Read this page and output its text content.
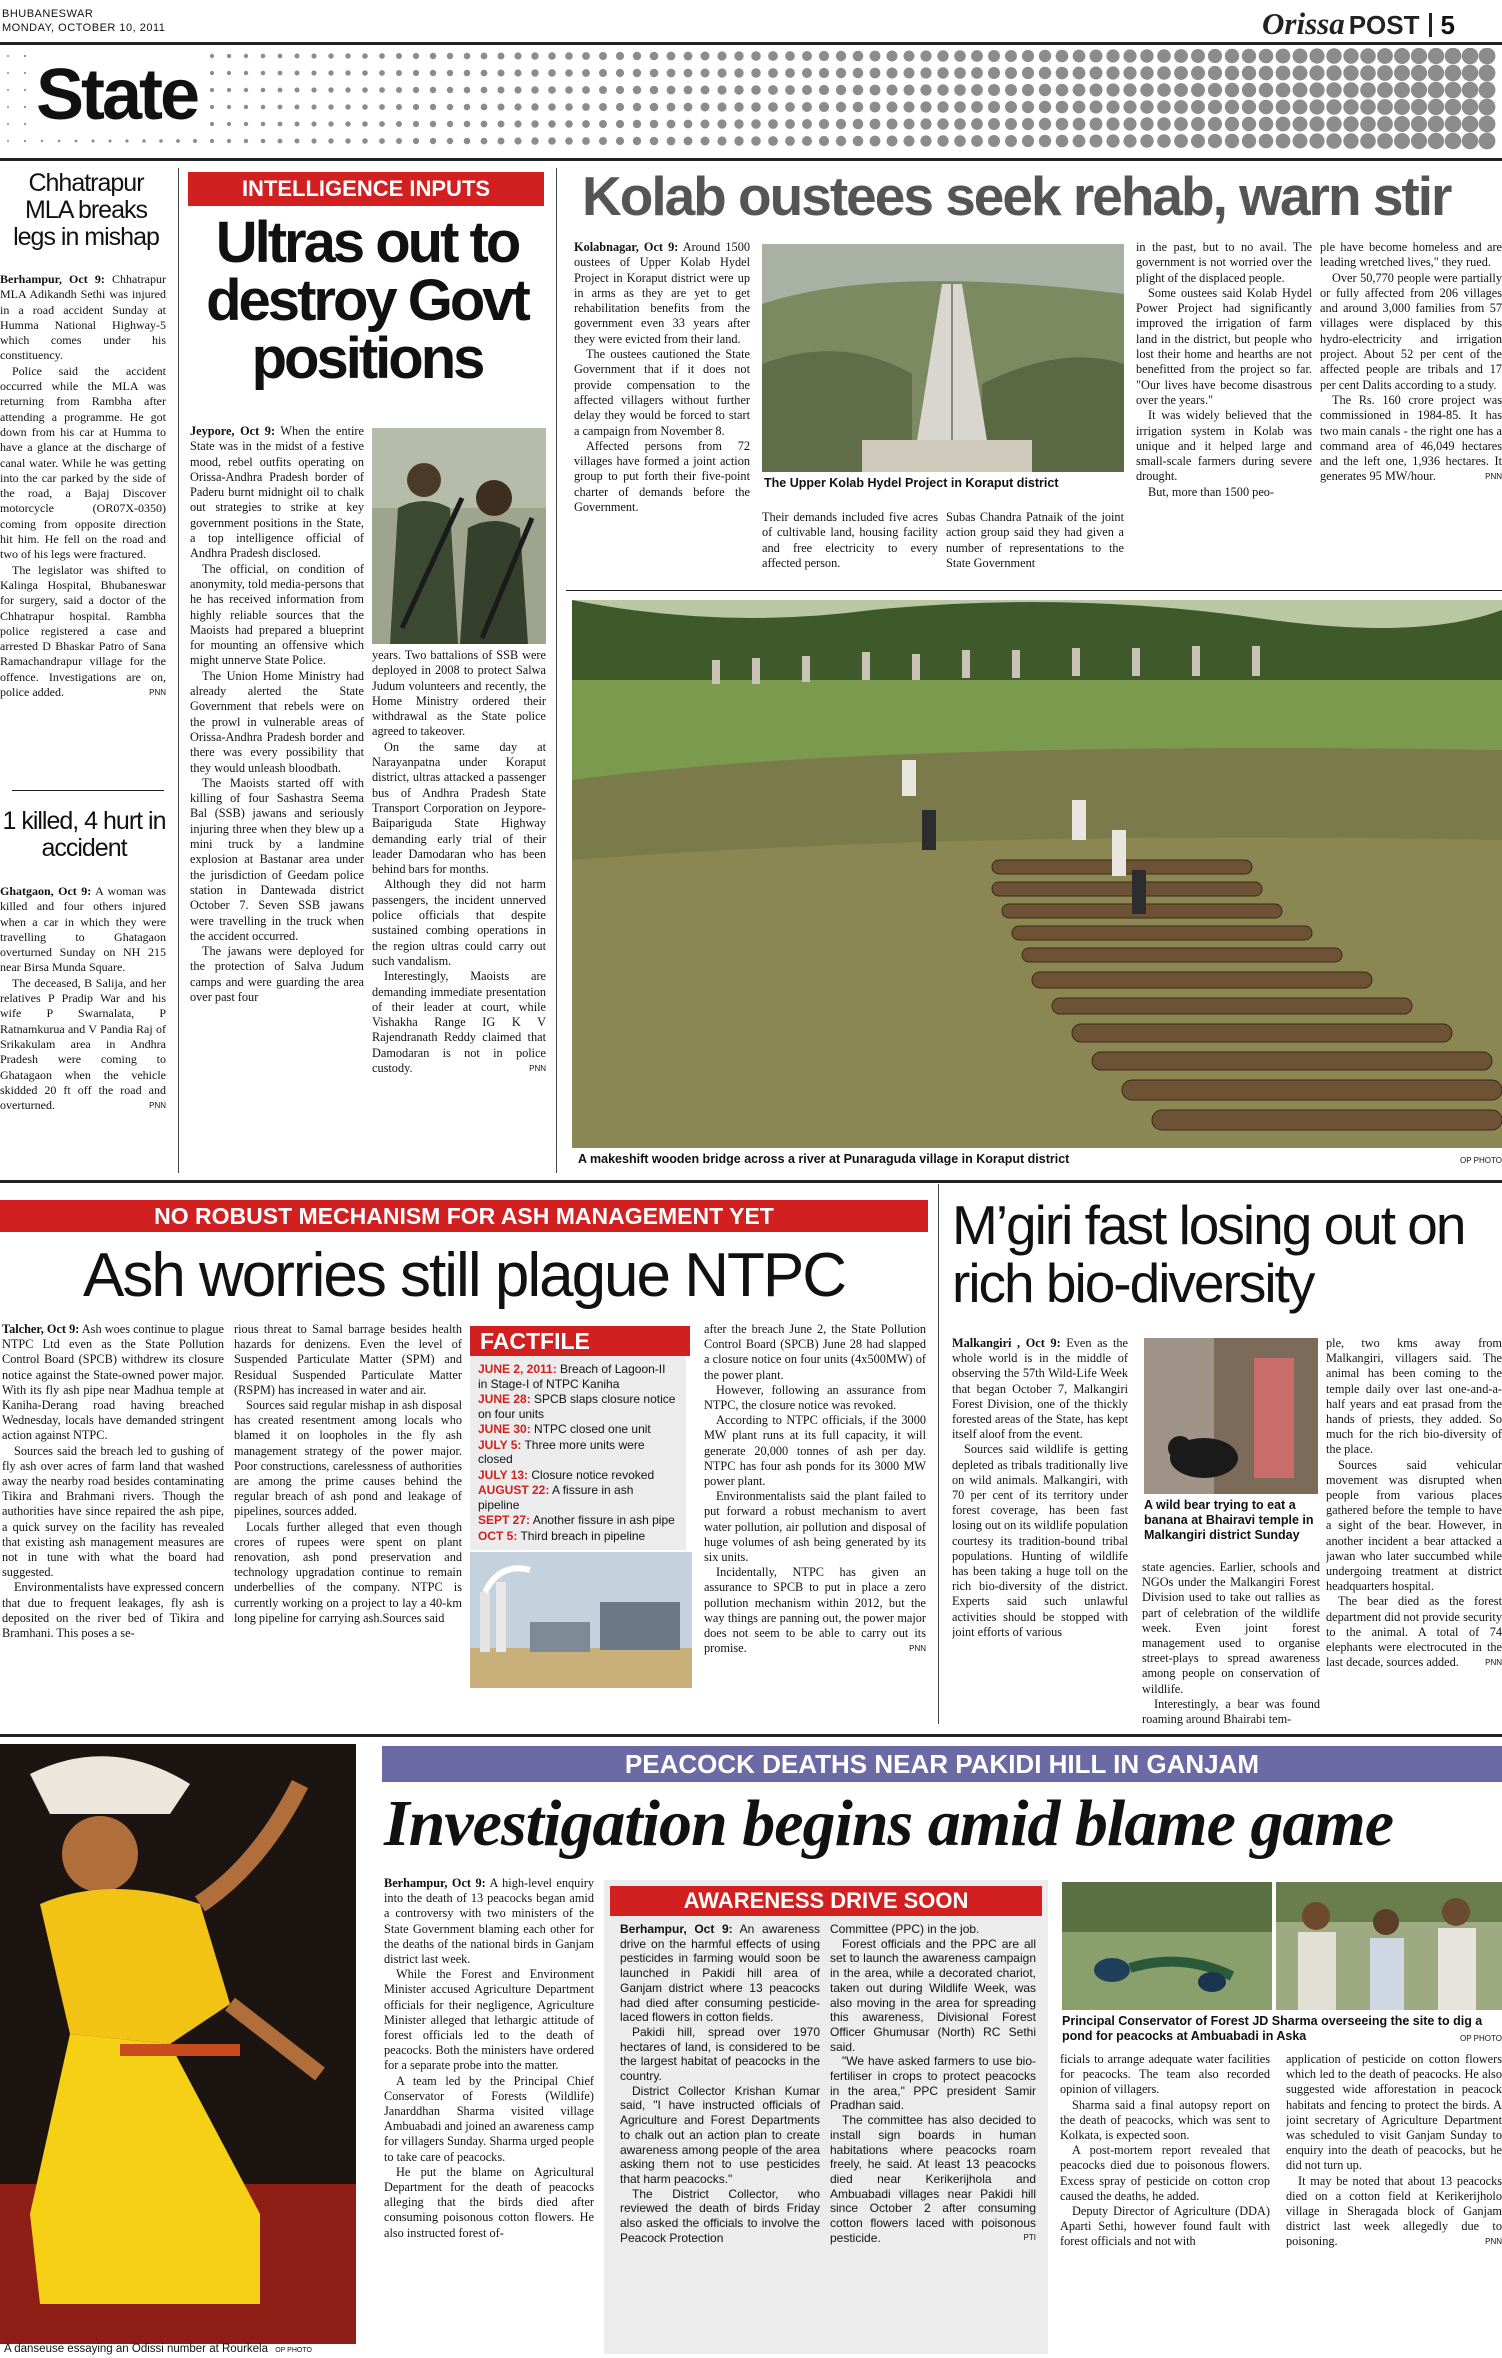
BHUBANESWAR
MONDAY, OCTOBER 10, 2011	Orissa POST 5
State
Chhatrapur MLA breaks legs in mishap

Berhampur, Oct 9: Chhatrapur MLA Adikandh Sethi was injured in a road accident Sunday at Humma National Highway-5 which comes under his constituency.

Police said the accident occurred while the MLA was returning from Rambha after attending a programme. He got down from his car at Humma to have a glance at the discharge of canal water. While he was getting into the car parked by the side of the road, a Bajaj Discover motorcycle (OR07X-0350) coming from opposite direction hit him. He fell on the road and two of his legs were fractured.

The legislator was shifted to Kalinga Hospital, Bhubaneswar for surgery, said a doctor of the Chhatrapur hospital. Rambha police registered a case and arrested D Bhaskar Patro of Sana Ramachandrapur village for the offence. Investigations are on, police added.	PNN

1 killed, 4 hurt in accident

Ghatgaon, Oct 9: A woman was killed and four others injured when a car in which they were travelling to Ghatagaon overturned Sunday on NH 215 near Birsa Munda Square.

The deceased, B Salija, and her relatives P Pradip War and his wife P Swarnalata, P Ratnamkurua and V Pandia Raj of Srikakulam area in Andhra Pradesh were coming to Ghatagaon when the vehicle skidded 20 ft off the road and overturned.	PNN

INTELLIGENCE INPUTS
Ultras out to destroy Govt positions

Jeypore, Oct 9: When the entire State was in the midst of a festive mood, rebel outfits operating on Orissa-Andhra Pradesh border of Paderu burnt midnight oil to chalk out strategies to strike at key government positions in the State, a top intelligence official of Andhra Pradesh disclosed.

The official, on condition of anonymity, told media-persons that he has received information from highly reliable sources that the Maoists had prepared a blueprint for mounting an offensive which might unnerve State Police.

The Union Home Ministry had already alerted the State Government that rebels were on the prowl in vulnerable areas of Orissa-Andhra Pradesh border and there was every possibility that they would unleash bloodbath.

The Maoists started off with killing of four Sashastra Seema Bal (SSB) jawans and seriously injuring three when they blew up a mini truck by a landmine explosion at Bastanar area under the jurisdiction of Geedam police station in Dantewada district October 7. Seven SSB jawans were travelling in the truck when the accident occurred.

The jawans were deployed for the protection of Salva Judum camps and were guarding the area over past four

years. Two battalions of SSB were deployed in 2008 to protect Salwa Judum volunteers and recently, the Home Ministry ordered their withdrawal as the State police agreed to takeover.

On the same day at Narayanpatna under Koraput district, ultras attacked a passenger bus of Andhra Pradesh State Transport Corporation on Jeypore-Baipariguda State Highway demanding early trial of their leader Damodaran who has been behind bars for months.

Although they did not harm passengers, the incident unnerved police officials that despite sustained combing operations in the region ultras could carry out such vandalism.

Interestingly, Maoists are demanding immediate presentation of their leader at court, while Vishakha Range IG K V Rajendranath Reddy claimed that Damodaran is not in police custody.	PNN

Kolab oustees seek rehab, warn stir

Kolabnagar, Oct 9: Around 1500 oustees of Upper Kolab Hydel Project in Koraput district were up in arms as they are yet to get rehabilitation benefits from the government even 33 years after they were evicted from their land.

The oustees cautioned the State Government that if it does not provide compensation to the affected villagers without further delay they would be forced to start a campaign from November 8.

Affected persons from 72 villages have formed a joint action group to put forth their five-point charter of demands before the Government.

The Upper Kolab Hydel Project in Koraput district

Their demands included five acres of cultivable land, housing facility and free electricity to every affected person.

Subas Chandra Patnaik of the joint action group said they had given a number of representations to the State Government

in the past, but to no avail. The government is not worried over the plight of the displaced people.

Some oustees said Kolab Hydel Power Project had significantly improved the irrigation of farm land in the district, but people who lost their home and hearths are not benefitted from the project so far. "Our lives have become disastrous over the years."

It was widely believed that the irrigation system in Kolab was unique and it helped large and small-scale farmers during severe drought.

But, more than 1500 peo-

ple have become homeless and are leading wretched lives," they rued.

Over 50,770 people were partially or fully affected from 206 villages and around 3,000 families from 57 villages were displaced by this hydro-electricity and irrigation project. About 52 per cent of the affected people are tribals and 17 per cent Dalits according to a study.

The Rs. 160 crore project was commissioned in 1984-85. It has two main canals - the right one has a command area of 46,049 hectares and the left one, 1,936 hectares. It generates 95 MW/hour.	PNN

A makeshift wooden bridge across a river at Punaraguda village in Koraput district	OP PHOTO
NO ROBUST MECHANISM FOR ASH MANAGEMENT YET
Ash worries still plague NTPC

Talcher, Oct 9: Ash woes continue to plague NTPC Ltd even as the State Pollution Control Board (SPCB) withdrew its closure notice against the State-owned power major. With its fly ash pipe near Madhua temple at Kaniha-Derang road having breached Wednesday, locals have demanded stringent action against NTPC.

Sources said the breach led to gushing of fly ash over acres of farm land that washed away the nearby road besides contaminating Tikira and Brahmani rivers. Though the authorities have since repaired the ash pipe, a quick survey on the facility has revealed that existing ash management measures are not in tune with what the board had suggested.

Environmentalists have expressed concern that due to frequent leakages, fly ash is deposited on the river bed of Tikira and Bramhani. This poses a se-

rious threat to Samal barrage besides health hazards for denizens. Even the level of Suspended Particulate Matter (SPM) and Residual Suspended Particulate Matter (RSPM) has increased in water and air.

Sources said regular mishap in ash disposal has created resentment among locals who blamed it on loopholes in the fly ash management strategy of the power major. Poor constructions, carelessness of authorities are among the prime causes behind the regular breach of ash pond and leakage of pipelines, sources added.

Locals further alleged that even though crores of rupees were spent on plant renovation, ash pond preservation and technology upgradation continue to remain underbellies of the company. NTPC is currently working on a project to lay a 40-km long pipeline for carrying ash.Sources said

FACTFILE
JUNE 2, 2011: Breach of Lagoon-II in Stage-I of NTPC Kaniha
JUNE 28: SPCB slaps closure notice on four units
JUNE 30: NTPC closed one unit
JULY 5: Three more units were closed
JULY 13: Closure notice revoked
AUGUST 22: A fissure in ash pipeline
SEPT 27: Another fissure in ash pipe
OCT 5: Third breach in pipeline

after the breach June 2, the State Pollution Control Board (SPCB) June 28 had slapped a closure notice on four units (4x500MW) of the power plant.

However, following an assurance from NTPC, the closure notice was revoked.

According to NTPC officials, if the 3000 MW plant runs at its full capacity, it will generate 20,000 tonnes of ash per day. NTPC has four ash ponds for its 3000 MW power plant.

Environmentalists said the plant failed to put forward a robust mechanism to avert water pollution, air pollution and disposal of huge volumes of ash being generated by its six units.

Incidentally, NTPC has given an assurance to SPCB to put in place a zero pollution mechanism within 2012, but the way things are panning out, the power major does not seem to be able to carry out its promise.	PNN

M’giri fast losing out on rich bio-diversity

Malkangiri , Oct 9: Even as the whole world is in the middle of observing the 57th Wild-Life Week that began October 7, Malkangiri Forest Division, one of the thickly forested areas of the State, has kept itself aloof from the event.

Sources said wildlife is getting depleted as tribals traditionally live on wild animals. Malkangiri, with 70 per cent of its territory under forest coverage, has been fast losing out on its wildlife population courtesy its tradition-bound tribal populations. Hunting of wildlife has been taking a huge toll on the rich bio-diversity of the district. Experts said such unlawful activities should be stopped with joint efforts of various

A wild bear trying to eat a banana at Bhairavi temple in Malkangiri district Sunday

state agencies. Earlier, schools and NGOs under the Malkangiri Forest Division used to take out rallies as part of celebration of the wildlife week. Even joint forest management used to organise street-plays to spread awareness among people on conservation of wildlife.

Interestingly, a bear was found roaming around Bhairabi tem-

ple, two kms away from Malkangiri, villagers said. The animal has been coming to the temple daily over last one-and-a-half years and eat prasad from the hands of priests, they added. So much for the rich bio-diversity of the place.

Sources said vehicular movement was disrupted when people from various places gathered before the temple to have a sight of the bear. However, in another incident a bear attacked a jawan who later succumbed while undergoing treatment at district headquarters hospital.

The bear died as the forest department did not provide security to the animal. A total of 74 elephants were electrocuted in the last decade, sources added.	PNN

A danseuse essaying an Odissi number at Rourkela OP PHOTO
PEACOCK DEATHS NEAR PAKIDI HILL IN GANJAM
Investigation begins amid blame game

Berhampur, Oct 9: A high-level enquiry into the death of 13 peacocks began amid a controversy with two ministers of the State Government blaming each other for the deaths of the national birds in Ganjam district last week.

While the Forest and Environment Minister accused Agriculture Department officials for their negligence, Agriculture Minister alleged that lethargic attitude of forest officials led to the death of peacocks. Both the ministers have ordered for a separate probe into the matter.

A team led by the Principal Chief Conservator of Forests (Wildlife) Janarddhan Sharma visited village Ambuabadi and joined an awareness camp for villagers Sunday. Sharma urged people to take care of peacocks.

He put the blame on Agricultural Department for the death of peacocks alleging that the birds died after consuming poisonous cotton flowers. He also instructed forest of-

AWARENESS DRIVE SOON

Berhampur, Oct 9: An awareness drive on the harmful effects of using pesticides in farming would soon be launched in Pakidi hill area of Ganjam district where 13 peacocks had died after consuming pesticide-laced flowers in cotton fields.

Pakidi hill, spread over 1970 hectares of land, is considered to be the largest habitat of peacocks in the country.

District Collector Krishan Kumar said, "I have instructed officials of Agriculture and Forest Departments to chalk out an action plan to create awareness among people of the area asking them not to use pesticides that harm peacocks."

The District Collector, who reviewed the death of birds Friday also asked the officials to involve the Peacock Protection

Committee (PPC) in the job.

Forest officials and the PPC are all set to launch the awareness campaign in the area, while a decorated chariot, taken out during Wildlife Week, was also moving in the area for spreading this awareness, Divisional Forest Officer Ghumusar (North) RC Sethi said.

"We have asked farmers to use bio-fertiliser in crops to protect peacocks in the area," PPC president Samir Pradhan said.

The committee has also decided to install sign boards in human habitations where peacocks roam freely, he said. At least 13 peacocks died near Kerikerijhola and Ambuabadi villages near Pakidi hill since October 2 after consuming cotton flowers laced with poisonous pesticide.	PTI

Principal Conservator of Forest JD Sharma overseeing the site to dig a pond for peacocks at Ambuabadi in Aska	OP PHOTO

ficials to arrange adequate water facilities for peacocks. The team also recorded opinion of villagers.

Sharma said a final autopsy report on the death of peacocks, which was sent to Kolkata, is expected soon.

A post-mortem report revealed that peacocks died due to poisonous flowers. Excess spray of pesticide on cotton crop caused the deaths, he added.

Deputy Director of Agriculture (DDA) Aparti Sethi, however found fault with forest officials and not with

application of pesticide on cotton flowers which led to the death of peacocks. He also suggested wide afforestation in peacock habitats and fencing to protect the birds. A joint secretary of Agriculture Department was scheduled to visit Ganjam Sunday to enquiry into the death of peacocks, but he did not turn up.

It may be noted that about 13 peacocks died on a cotton field at Kerikerijholo village in Sheragada block of Ganjam district last week allegedly due to poisoning.	PNN
